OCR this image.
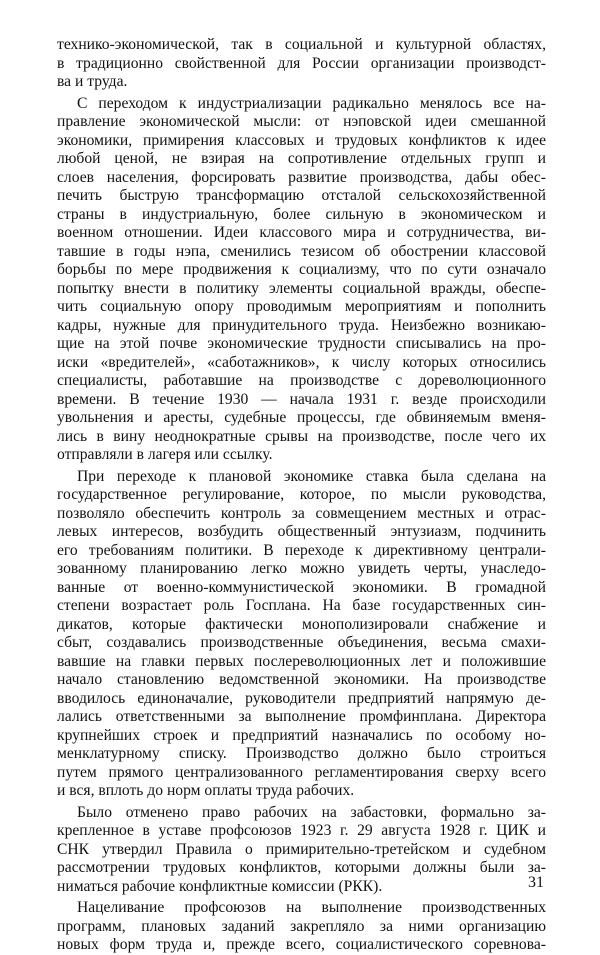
технико-экономической, так в социальной и культурной областях,
в традиционно свойственной для России организации производст-
ва и труда.

С переходом к индустриализации радикально менялось все на-
правление экономической мысли: от нэповской идеи смешанной
экономики, примирения классовых и трудовых конфликтов к идее
любой ценой, не взирая на сопротивление отдельных групп и
слоев населения, форсировать развитие производства, дабы обес-
печить быструю трансформацию отсталой сельскохозяйственной
страны в индустриальную, более сильную в экономическом и
военном отношении. Идеи классового мира и сотрудничества, ви-
тавшие в годы нэпа, сменились тезисом об обострении классовой
борьбы по мере продвижения к социализму, что по сути означало
попытку внести в политику элементы социальной вражды, обеспе-
чить социальную опору проводимым мероприятиям и пополнить
кадры, нужные для принудительного труда. Неизбежно возникаю-
щие на этой почве экономические трудности списывались на про-
иски «вредителей», «саботажников», к числу которых относились
специалисты, работавшие на производстве с дореволюционного
времени. В течение 1930 — начала 1931 г. везде происходили
увольнения и аресты, судебные процессы, где обвиняемым вменя-
лись в вину неоднократные срывы на производстве, после чего их
отправляли в лагеря или ссылку.

При переходе к плановой экономике ставка была сделана на
государственное регулирование, которое, по мысли руководства,
позволяло обеспечить контроль за совмещением местных и отрас-
левых интересов, возбудить общественный энтузиазм, подчинить
его требованиям политики. В переходе к директивному централи-
зованному планированию легко можно увидеть черты, унаследо-
ванные от военно-коммунистической экономики. В громадной
степени возрастает роль Госплана. На базе государственных син-
дикатов, которые фактически монополизировали снабжение и
сбыт, создавались производственные объединения, весьма смахи-
вавшие на главки первых послереволюционных лет и положившие
начало становлению ведомственной экономики. На производстве
вводилось единоначалие, руководители предприятий напрямую де-
лались ответственными за выполнение промфинплана. Директора
крупнейших строек и предприятий назначались по особому но-
менклатурному списку. Производство должно было строиться
путем прямого централизованного регламентирования сверху всего
и вся, вплоть до норм оплаты труда рабочих.

Было отменено право рабочих на забастовки, формально за-
крепленное в уставе профсоюзов 1923 г. 29 августа 1928 г. ЦИК и
СНК утвердил Правила о примирительно-третейском и судебном
рассмотрении трудовых конфликтов, которыми должны были за-
ниматься рабочие конфликтные комиссии (РКК).

Нацеливание профсоюзов на выполнение производственных
программ, плановых заданий закрепляло за ними организацию
новых форм труда и, прежде всего, социалистического соревнова-

31
